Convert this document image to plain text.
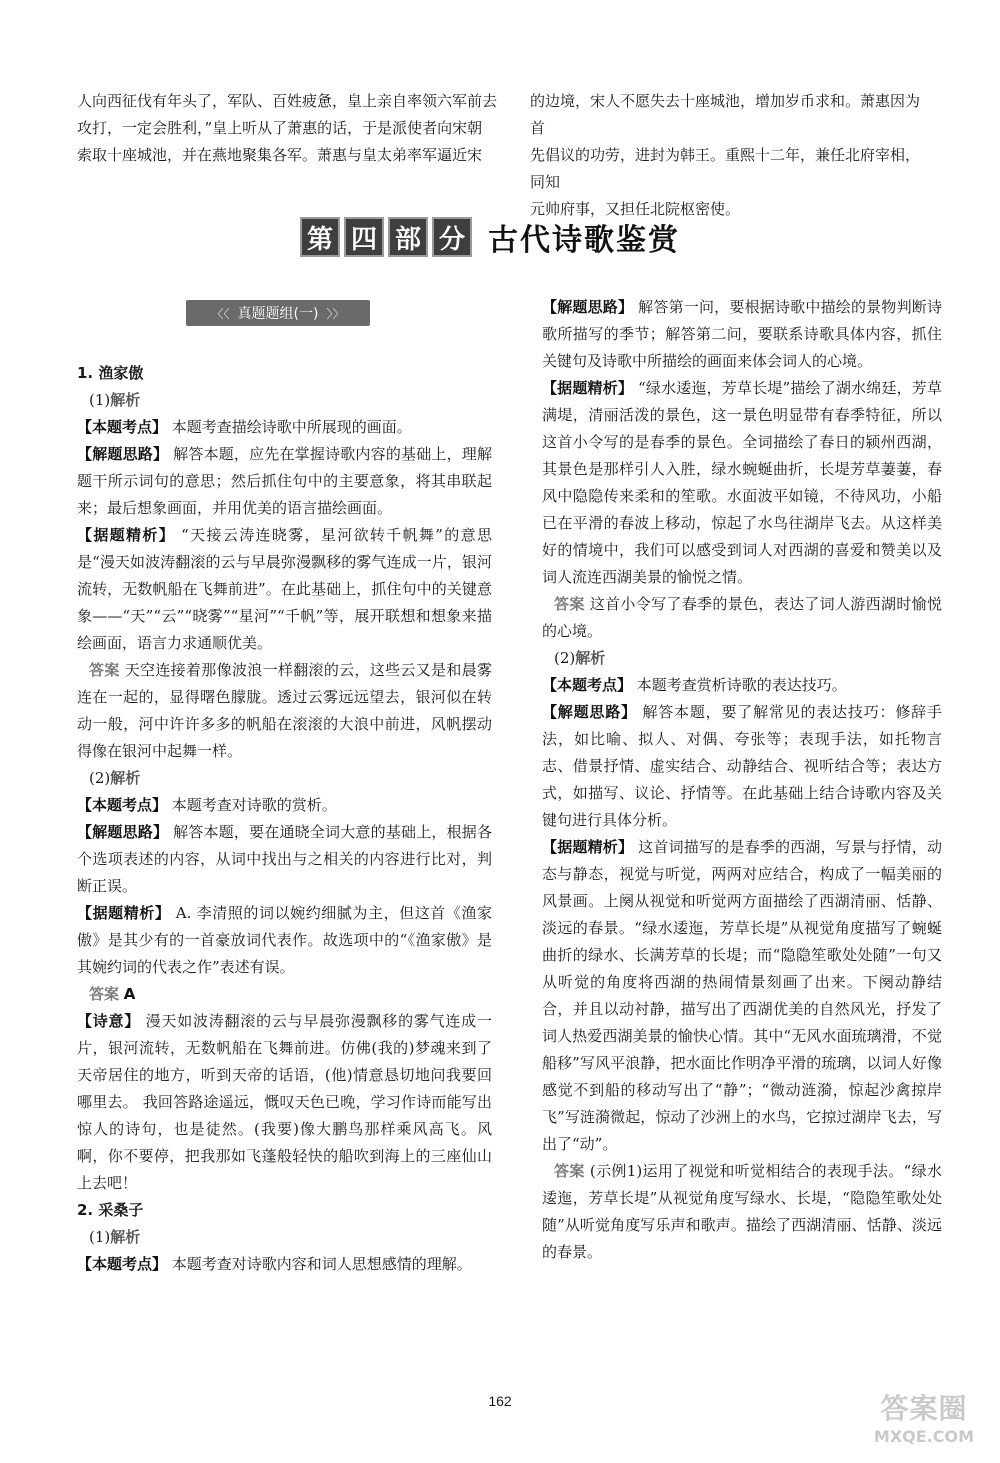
人向西征伐有年头了，军队、百姓疲惫，皇上亲自率领六军前去
攻打，一定会胜利，”皇上听从了萧惠的话，于是派使者向宋朝
索取十座城池，并在燕地聚集各军。萧惠与皇太弟率军逼近宋
的边境，宋人不愿失去十座城池，增加岁币求和。萧惠因为首
先倡议的功劳，进封为韩王。重熙十二年，兼任北府宰相，同知
元帅府事，又担任北院枢密使。
第 四 部 分 古代诗歌鉴赏
〈〈 真题题组(一) 〉〉

1. 渔家傲

(1)解析

【本题考点】 本题考查描绘诗歌中所展现的画面。

【解题思路】 解答本题，应先在掌握诗歌内容的基础上，理解题干所示词句的意思；然后抓住句中的主要意象，将其串联起来；最后想象画面，并用优美的语言描绘画面。

【据题精析】 “天接云涛连晓雾，星河欲转千帆舞”的意思是“漫天如波涛翻滚的云与早晨弥漫飘移的雾气连成一片，银河流转，无数帆船在飞舞前进”。在此基础上，抓住句中的关键意象——“天”“云”“晓雾”“星河”“千帆”等，展开联想和想象来描绘画面，语言力求通顺优美。

答案 天空连接着那像波浪一样翻滚的云，这些云又是和晨雾连在一起的，显得曙色朦胧。透过云雾远远望去，银河似在转动一般，河中许许多多的帆船在滚滚的大浪中前进，风帆摆动得像在银河中起舞一样。

(2)解析

【本题考点】 本题考查对诗歌的赏析。

【解题思路】 解答本题，要在通晓全词大意的基础上，根据各个选项表述的内容，从词中找出与之相关的内容进行比对，判断正误。

【据题精析】 A. 李清照的词以婉约细腻为主，但这首《渔家傲》是其少有的一首豪放词代表作。故选项中的“《渔家傲》是其婉约词的代表之作”表述有误。

答案 A

【诗意】 漫天如波涛翻滚的云与早晨弥漫飘移的雾气连成一片，银河流转，无数帆船在飞舞前进。仿佛(我的)梦魂来到了天帝居住的地方，听到天帝的话语，(他)情意恳切地问我要回哪里去。 我回答路途遥远，慨叹天色已晚，学习作诗而能写出惊人的诗句，也是徒然。(我要)像大鹏鸟那样乘风高飞。风啊，你不要停，把我那如飞蓬般轻快的船吹到海上的三座仙山上去吧！

2. 采桑子

(1)解析

【本题考点】 本题考查对诗歌内容和词人思想感情的理解。

【解题思路】 解答第一问，要根据诗歌中描绘的景物判断诗歌所描写的季节；解答第二问，要联系诗歌具体内容，抓住关键句及诗歌中所描绘的画面来体会词人的心境。

【据题精析】 “绿水逶迤，芳草长堤”描绘了湖水绵廷，芳草满堤，清丽活泼的景色，这一景色明显带有春季特征，所以这首小令写的是春季的景色。全词描绘了春日的颍州西湖，其景色是那样引人入胜，绿水蜿蜒曲折，长堤芳草萋萋，春风中隐隐传来柔和的笙歌。水面波平如镜，不待风功，小船已在平滑的春波上移动，惊起了水鸟往湖岸飞去。从这样美好的情境中，我们可以感受到词人对西湖的喜爱和赞美以及词人流连西湖美景的愉悦之情。

答案 这首小令写了春季的景色，表达了词人游西湖时愉悦的心境。

(2)解析

【本题考点】 本题考查赏析诗歌的表达技巧。

【解题思路】 解答本题，要了解常见的表达技巧：修辞手法，如比喻、拟人、对偶、夸张等；表现手法，如托物言志、借景抒情、虚实结合、动静结合、视听结合等；表达方式，如描写、议论、抒情等。在此基础上结合诗歌内容及关键句进行具体分析。

【据题精析】 这首词描写的是春季的西湖，写景与抒情，动态与静态，视觉与听觉，两两对应结合，构成了一幅美丽的风景画。上阕从视觉和听觉两方面描绘了西湖清丽、恬静、淡远的春景。“绿水逶迤，芳草长堤”从视觉角度描写了蜿蜒曲折的绿水、长满芳草的长堤；而“隐隐笙歌处处随”一句又从听觉的角度将西湖的热闹情景刻画了出来。下阕动静结合，并且以动衬静，描写出了西湖优美的自然风光，抒发了词人热爱西湖美景的愉快心情。其中“无风水面琉璃滑，不觉船移”写风平浪静，把水面比作明净平滑的琉璃，以词人好像感觉不到船的移动写出了“静”；“微动涟漪，惊起沙禽掠岸飞”写涟漪微起，惊动了沙洲上的水鸟，它掠过湖岸飞去，写出了“动”。

答案 (示例1)运用了视觉和听觉相结合的表现手法。“绿水逶迤，芳草长堤”从视觉角度写绿水、长堤，“隐隐笙歌处处随”从听觉角度写乐声和歌声。描绘了西湖清丽、恬静、淡远的春景。

162	答案圈
MXQE.COM
